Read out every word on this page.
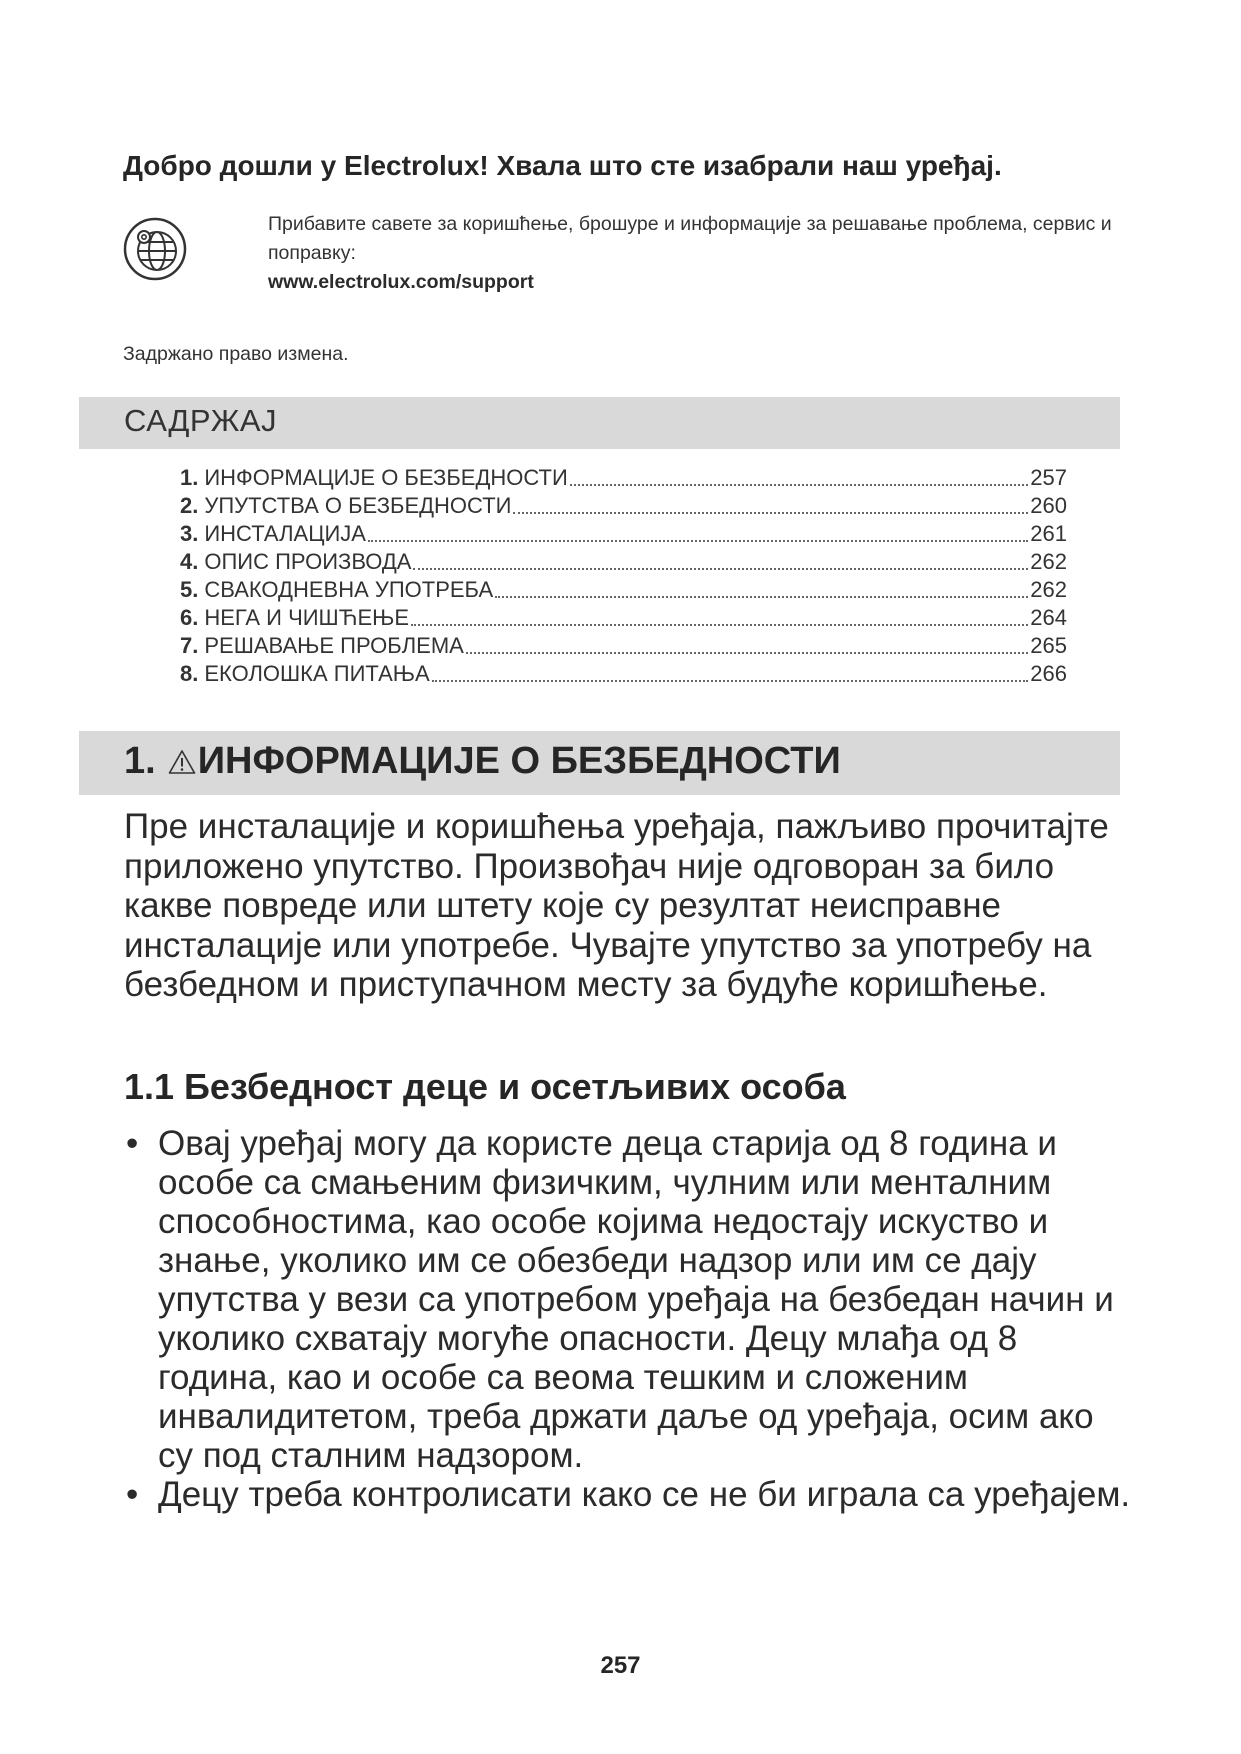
Добро дошли у Electrolux! Хвала што сте изабрали наш уређај.
Прибавите савете за коришћење, брошуре и информације за решавање проблема, сервис и поправку:
www.electrolux.com/support
Задржано право измена.
САДРЖАЈ
1. ИНФОРМАЦИЈЕ О БЕЗБЕДНОСТИ	257
2. УПУТСТВА О БЕЗБЕДНОСТИ	260
3. ИНСТАЛАЦИЈА	261
4. ОПИС ПРОИЗВОДА	262
5. СВАКОДНЕВНА УПОТРЕБА	262
6. НЕГА И ЧИШЋЕЊЕ	264
7. РЕШАВАЊЕ ПРОБЛЕМА	265
8. ЕКОЛОШКА ПИТАЊА	266
1. ИНФОРМАЦИЈЕ О БЕЗБЕДНОСТИ
Пре инсталације и коришћења уређаја, пажљиво прочитајте приложено упутство. Произвођач није одговоран за било какве повреде или штету које су резултат неисправне инсталације или употребе. Чувајте упутство за употребу на безбедном и приступачном месту за будуће коришћење.
1.1 Безбедност деце и осетљивих особа
• Овај уређај могу да користе деца старија од 8 година и особе са смањеним физичким, чулним или менталним способностима, као особе којима недостају искуство и знање, уколико им се обезбеди надзор или им се дају упутства у вези са употребом уређаја на безбедан начин и уколико схватају могуће опасности. Децу млађа од 8 година, као и особе са веома тешким и сложеним инвалидитетом, треба држати даље од уређаја, осим ако су под сталним надзором.
• Децу треба контролисати како се не би играла са уређајем.
257
